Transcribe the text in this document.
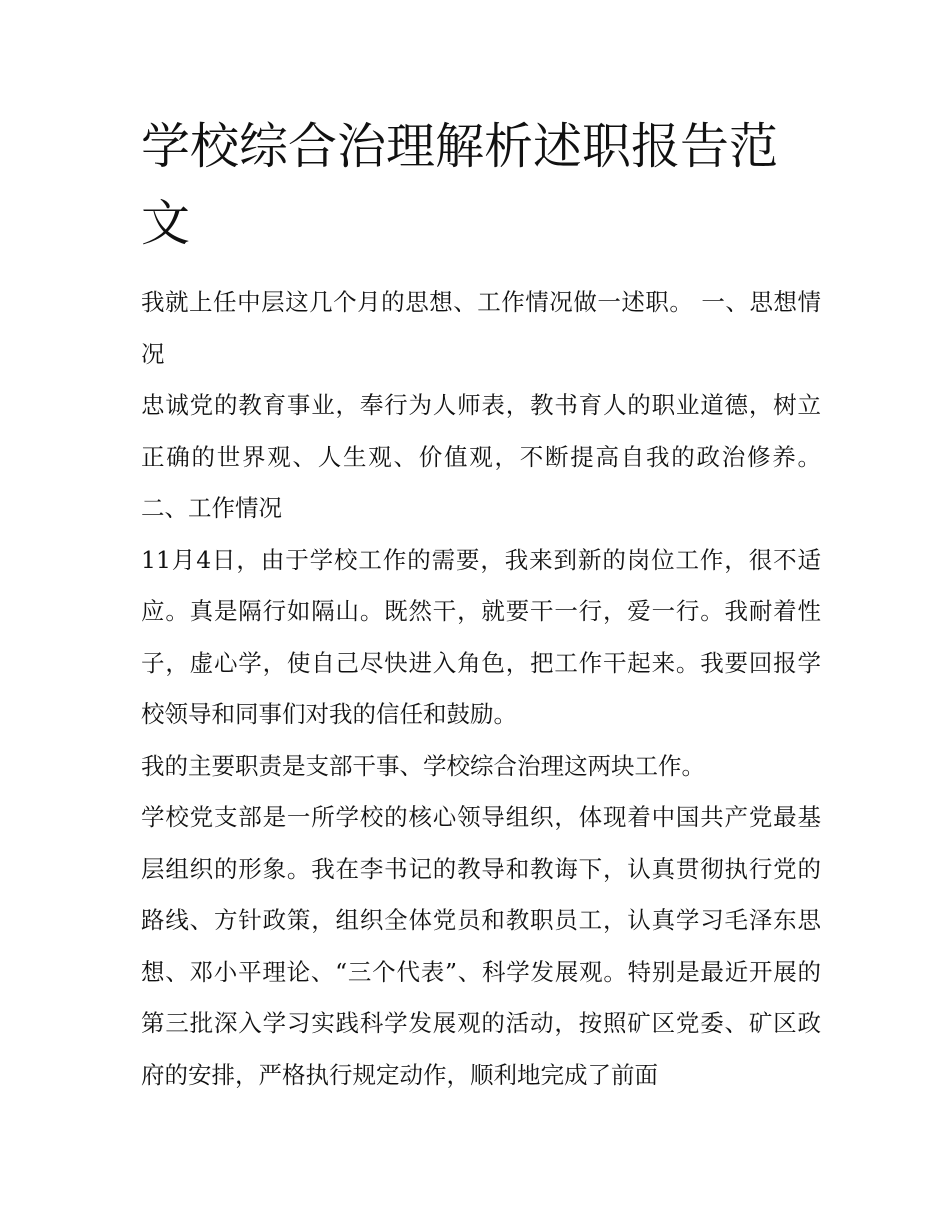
学校综合治理解析述职报告范文

我就上任中层这几个月的思想、工作情况做一述职。 一、思想情况

忠诚党的教育事业，奉行为人师表，教书育人的职业道德，树立正确的世界观、人生观、价值观，不断提高自我的政治修养。 二、工作情况

11月4日，由于学校工作的需要，我来到新的岗位工作，很不适应。真是隔行如隔山。既然干，就要干一行，爱一行。我耐着性子，虚心学，使自己尽快进入角色，把工作干起来。我要回报学校领导和同事们对我的信任和鼓励。

我的主要职责是支部干事、学校综合治理这两块工作。

学校党支部是一所学校的核心领导组织，体现着中国共产党最基层组织的形象。我在李书记的教导和教诲下，认真贯彻执行党的路线、方针政策，组织全体党员和教职员工，认真学习毛泽东思想、邓小平理论、“三个代表”、科学发展观。特别是最近开展的第三批深入学习实践科学发展观的活动，按照矿区党委、矿区政府的安排，严格执行规定动作，顺利地完成了前面
